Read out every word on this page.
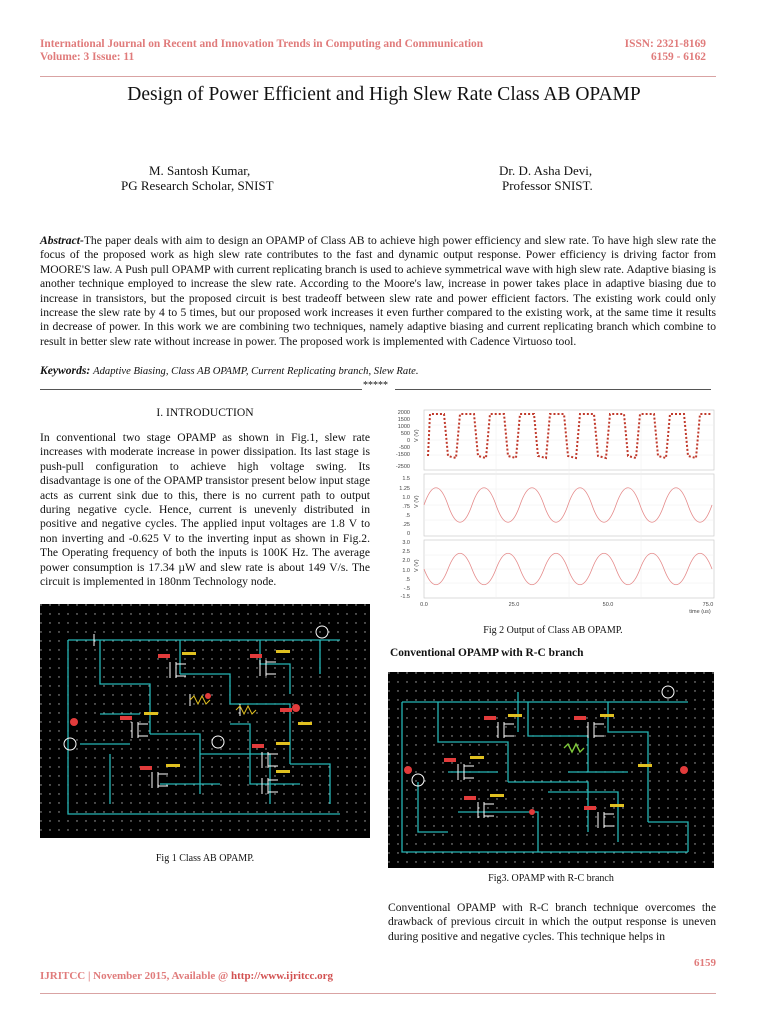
International Journal on Recent and Innovation Trends in Computing and Communication
Volume: 3 Issue: 11
ISSN: 2321-8169
6159 - 6162
Design of Power Efficient and High Slew Rate Class AB OPAMP
M. Santosh Kumar,
PG Research Scholar, SNIST
Dr. D. Asha Devi,
Professor SNIST.
Abstract-The paper deals with aim to design an OPAMP of Class AB to achieve high power efficiency and slew rate. To have high slew rate the focus of the proposed work as high slew rate contributes to the fast and dynamic output response. Power efficiency is driving factor from MOORE'S law. A Push pull OPAMP with current replicating branch is used to achieve symmetrical wave with high slew rate. Adaptive biasing is another technique employed to increase the slew rate. According to the Moore's law, increase in power takes place in adaptive biasing due to increase in transistors, but the proposed circuit is best tradeoff between slew rate and power efficient factors. The existing work could only increase the slew rate by 4 to 5 times, but our proposed work increases it even further compared to the existing work, at the same time it results in decrease of power. In this work we are combining two techniques, namely adaptive biasing and current replicating branch which combine to result in better slew rate without increase in power. The proposed work is implemented with Cadence Virtuoso tool.
Keywords: Adaptive Biasing, Class AB OPAMP, Current Replicating branch, Slew Rate.
*****
I. INTRODUCTION
In conventional two stage OPAMP as shown in Fig.1, slew rate increases with moderate increase in power dissipation. Its last stage is push-pull configuration to achieve high voltage swing. Its disadvantage is one of the OPAMP transistor present below input stage acts as current sink due to this, there is no current path to output during negative cycle. Hence, current is unevenly distributed in positive and negative cycles. The applied input voltages are 1.8 V to non inverting and -0.625 V to the inverting input as shown in Fig.2. The Operating frequency of both the inputs is 100K Hz. The average power consumption is 17.34 µW and slew rate is about 149 V/s. The circuit is implemented in 180nm Technology node.
Fig 1 Class AB OPAMP.
2000
1500
1000
500
0
-500
-1500
-2500
1.5
1.25
1.0
.75
.5
.25
0
3.0
2.5
2.0
1.0
.5
-.5
-1.5
V (V)
V (V)
V (V)
0.0	25.0	50.0	75.0
time (us)
Fig 2 Output of Class AB OPAMP.
Conventional OPAMP with R-C branch
Fig3. OPAMP with R-C branch
Conventional OPAMP with R-C branch technique overcomes the drawback of previous circuit in which the output response is uneven during positive and negative cycles. This technique helps in
6159
IJRITCC | November 2015, Available @ http://www.ijritcc.org
